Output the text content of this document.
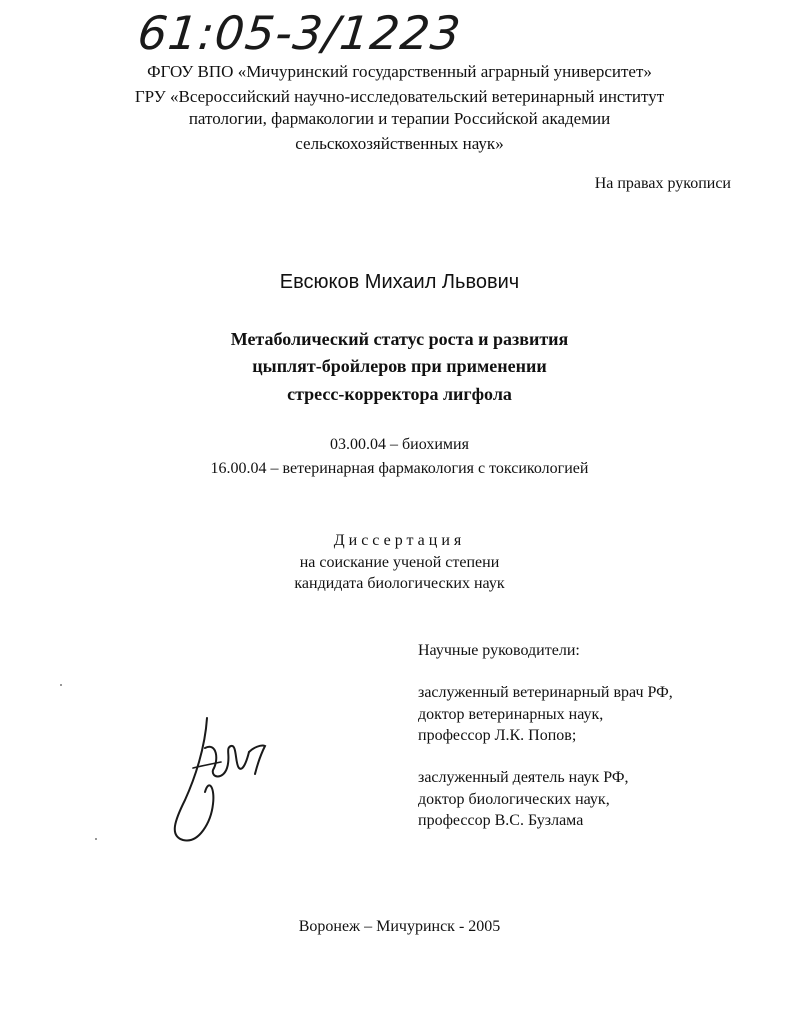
61:05-3/1223
ФГОУ ВПО «Мичуринский государственный аграрный университет»
ГРУ «Всероссийский научно-исследовательский ветеринарный институт
патологии, фармакологии и терапии Российской академии
сельскохозяйственных наук»
На правах рукописи
Евсюков Михаил Львович
Метаболический статус роста и развития
цыплят-бройлеров при применении
стресс-корректора лигфола
03.00.04 – биохимия
16.00.04 – ветеринарная фармакология с токсикологией
Диссертация
на соискание ученой степени
кандидата биологических наук
Научные руководители:
заслуженный ветеринарный врач РФ,
доктор ветеринарных наук,
профессор Л.К. Попов;
заслуженный деятель наук РФ,
доктор биологических наук,
профессор В.С. Бузлама
Воронеж – Мичуринск - 2005
